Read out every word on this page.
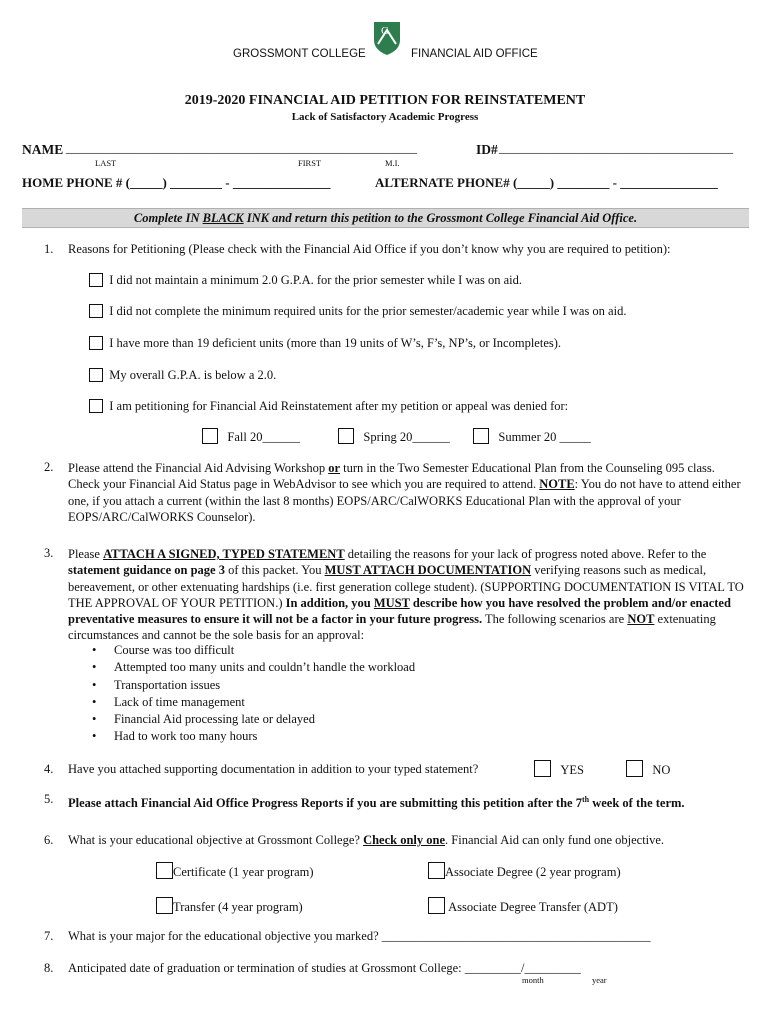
GROSSMONT COLLEGE
G
FINANCIAL AID OFFICE
2019-2020 FINANCIAL AID PETITION FOR REINSTATEMENT
Lack of Satisfactory Academic Progress
NAME ______________________________________________________	ID# ____________________________________
LAST	FIRST	M.I.
HOME PHONE # (_____) ________ - _______________	ALTERNATE PHONE# (_____) ________ - _______________
Complete IN BLACK INK and return this petition to the Grossmont College Financial Aid Office.
1. Reasons for Petitioning (Please check with the Financial Aid Office if you don’t know why you are required to petition):
I did not maintain a minimum 2.0 G.P.A. for the prior semester while I was on aid.
I did not complete the minimum required units for the prior semester/academic year while I was on aid.
I have more than 19 deficient units (more than 19 units of W’s, F’s, NP’s, or Incompletes).
My overall G.P.A. is below a 2.0.
I am petitioning for Financial Aid Reinstatement after my petition or appeal was denied for:
Fall 20______	Spring 20______	Summer 20 _____
2. Please attend the Financial Aid Advising Workshop or turn in the Two Semester Educational Plan from the Counseling 095 class. Check your Financial Aid Status page in WebAdvisor to see which you are required to attend. NOTE: You do not have to attend either one, if you attach a current (within the last 8 months) EOPS/ARC/CalWORKS Educational Plan with the approval of your EOPS/ARC/CalWORKS Counselor).
3. Please ATTACH A SIGNED, TYPED STATEMENT detailing the reasons for your lack of progress noted above. Refer to the statement guidance on page 3 of this packet. You MUST ATTACH DOCUMENTATION verifying reasons such as medical, bereavement, or other extenuating hardships (i.e. first generation college student). (SUPPORTING DOCUMENTATION IS VITAL TO THE APPROVAL OF YOUR PETITION.) In addition, you MUST describe how you have resolved the problem and/or enacted preventative measures to ensure it will not be a factor in your future progress. The following scenarios are NOT extenuating circumstances and cannot be the sole basis for an approval:
• Course was too difficult
• Attempted too many units and couldn’t handle the workload
• Transportation issues
• Lack of time management
• Financial Aid processing late or delayed
• Had to work too many hours
4. Have you attached supporting documentation in addition to your typed statement?	YES	NO
5. Please attach Financial Aid Office Progress Reports if you are submitting this petition after the 7th week of the term.
6. What is your educational objective at Grossmont College? Check only one. Financial Aid can only fund one objective.
Certificate (1 year program)	Associate Degree (2 year program)
Transfer (4 year program)	Associate Degree Transfer (ADT)
7. What is your major for the educational objective you marked? ___________________________________________
8. Anticipated date of graduation or termination of studies at Grossmont College: _________/_________
month	year
